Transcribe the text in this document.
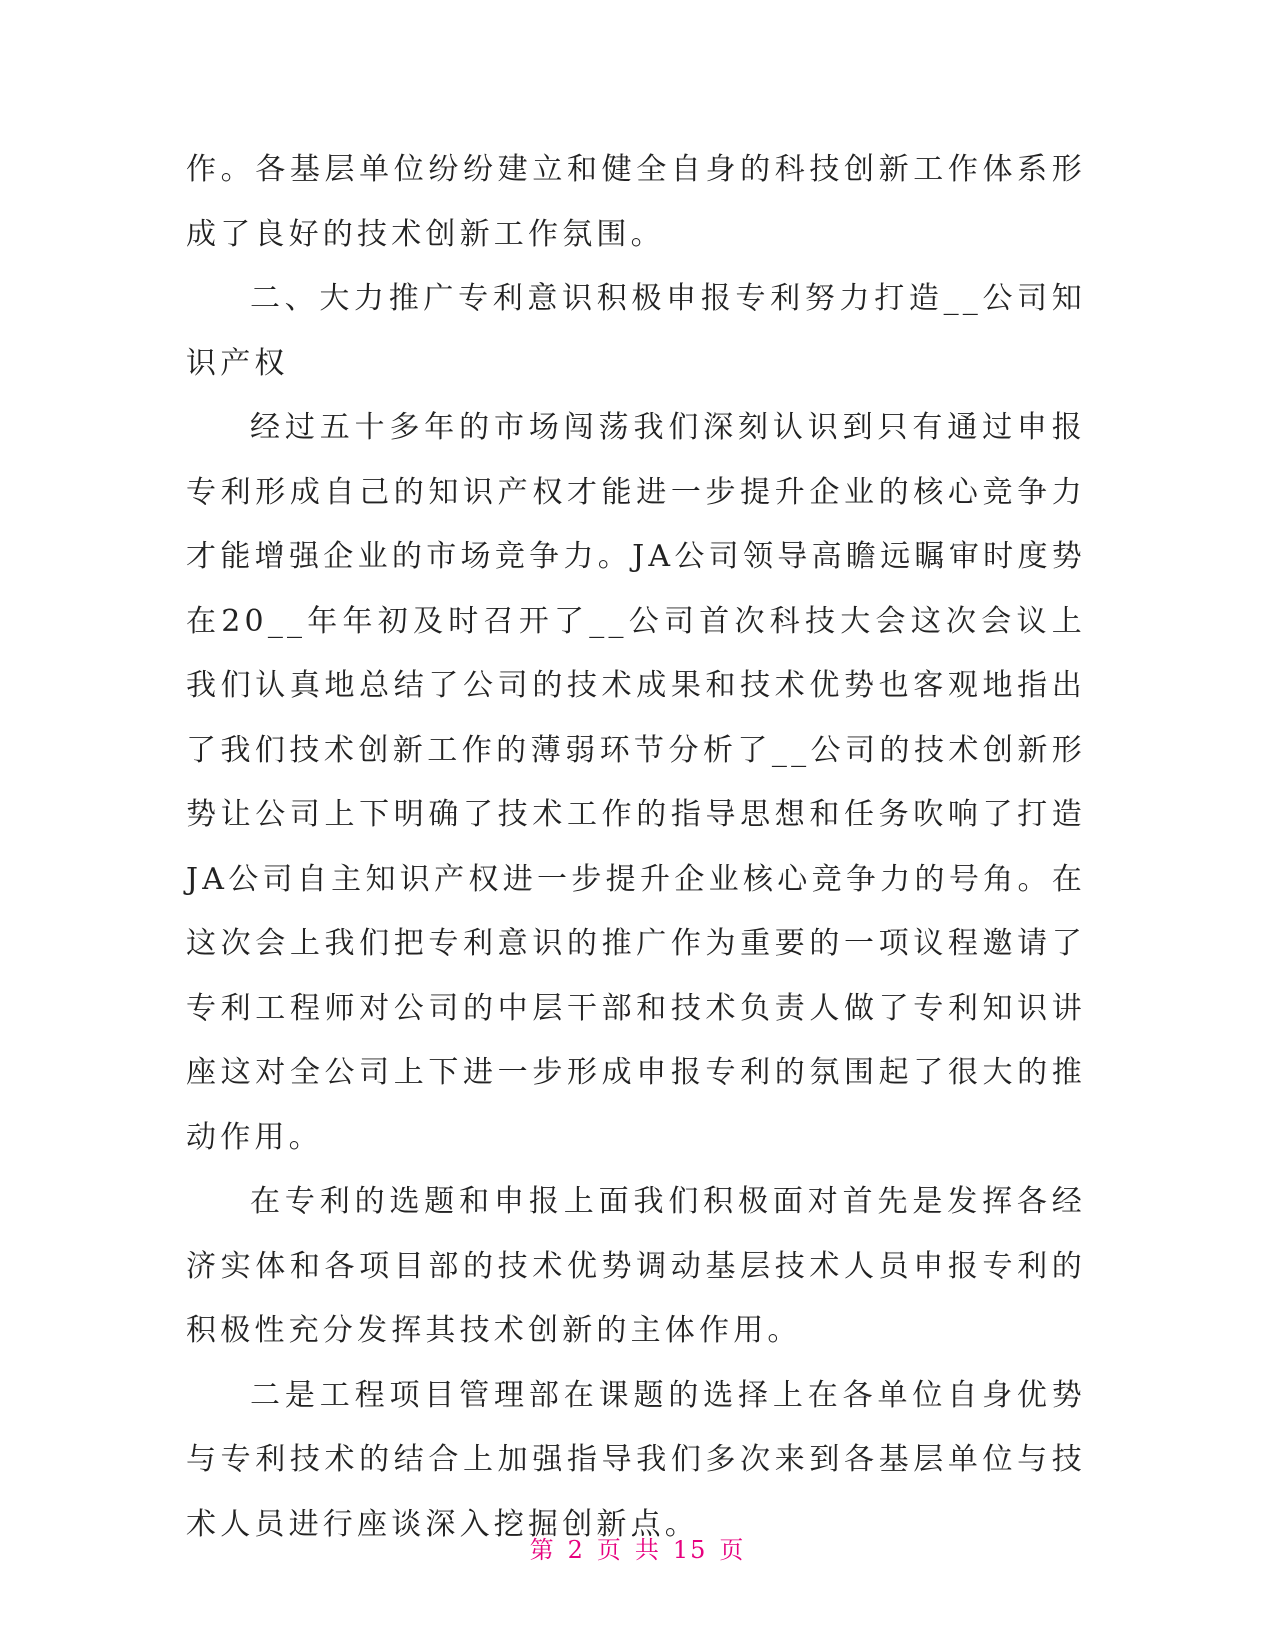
作。各基层单位纷纷建立和健全自身的科技创新工作体系形成了良好的技术创新工作氛围。

二、大力推广专利意识积极申报专利努力打造__公司知识产权

经过五十多年的市场闯荡我们深刻认识到只有通过申报专利形成自己的知识产权才能进一步提升企业的核心竞争力才能增强企业的市场竞争力。JA公司领导高瞻远瞩审时度势在20__年年初及时召开了__公司首次科技大会这次会议上我们认真地总结了公司的技术成果和技术优势也客观地指出了我们技术创新工作的薄弱环节分析了__公司的技术创新形势让公司上下明确了技术工作的指导思想和任务吹响了打造JA公司自主知识产权进一步提升企业核心竞争力的号角。在这次会上我们把专利意识的推广作为重要的一项议程邀请了专利工程师对公司的中层干部和技术负责人做了专利知识讲座这对全公司上下进一步形成申报专利的氛围起了很大的推动作用。

在专利的选题和申报上面我们积极面对首先是发挥各经济实体和各项目部的技术优势调动基层技术人员申报专利的积极性充分发挥其技术创新的主体作用。

二是工程项目管理部在课题的选择上在各单位自身优势与专利技术的结合上加强指导我们多次来到各基层单位与技术人员进行座谈深入挖掘创新点。

第 2 页 共 15 页
